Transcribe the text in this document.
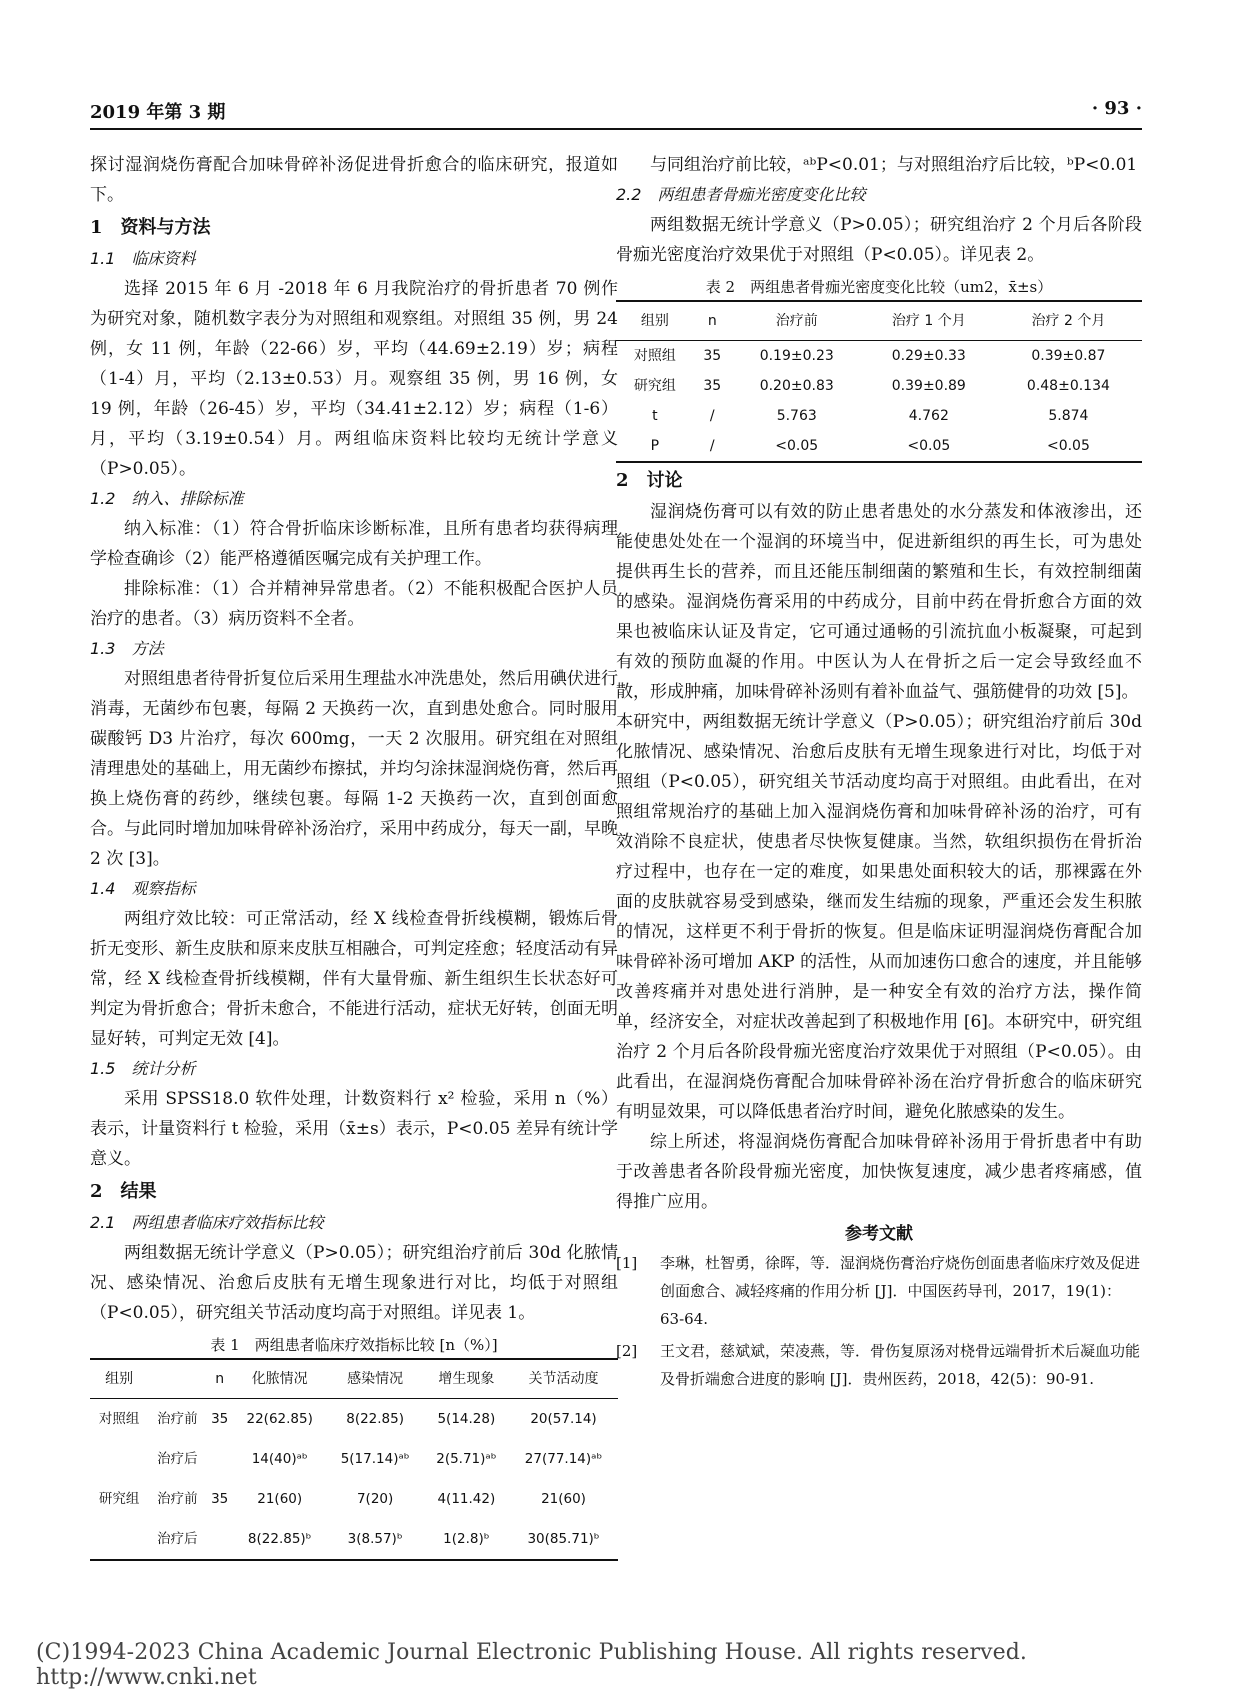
2019 年第 3 期	· 93 ·

探讨湿润烧伤膏配合加味骨碎补汤促进骨折愈合的临床研究，报道如下。

1　资料与方法
1.1　临床资料

选择 2015 年 6 月 -2018 年 6 月我院治疗的骨折患者 70 例作为研究对象，随机数字表分为对照组和观察组。对照组 35 例，男 24 例，女 11 例，年龄（22-66）岁，平均（44.69±2.19）岁；病程（1-4）月，平均（2.13±0.53）月。观察组 35 例，男 16 例，女 19 例，年龄（26-45）岁，平均（34.41±2.12）岁；病程（1-6）月，平均（3.19±0.54）月。两组临床资料比较均无统计学意义（P>0.05）。

1.2　纳入、排除标准

纳入标准：（1）符合骨折临床诊断标准，且所有患者均获得病理学检查确诊（2）能严格遵循医嘱完成有关护理工作。

排除标准：（1）合并精神异常患者。（2）不能积极配合医护人员治疗的患者。（3）病历资料不全者。

1.3　方法

对照组患者待骨折复位后采用生理盐水冲洗患处，然后用碘伏进行消毒，无菌纱布包裹，每隔 2 天换药一次，直到患处愈合。同时服用碳酸钙 D3 片治疗，每次 600mg，一天 2 次服用。研究组在对照组清理患处的基础上，用无菌纱布擦拭，并均匀涂抹湿润烧伤膏，然后再换上烧伤膏的药纱，继续包裹。每隔 1-2 天换药一次，直到创面愈合。与此同时增加加味骨碎补汤治疗，采用中药成分，每天一副，早晚 2 次 [3]。

1.4　观察指标

两组疗效比较：可正常活动，经 X 线检查骨折线模糊，锻炼后骨折无变形、新生皮肤和原来皮肤互相融合，可判定痊愈；轻度活动有异常，经 X 线检查骨折线模糊，伴有大量骨痂、新生组织生长状态好可判定为骨折愈合；骨折未愈合，不能进行活动，症状无好转，创面无明显好转，可判定无效 [4]。

1.5　统计分析

采用 SPSS18.0 软件处理，计数资料行 x² 检验，采用 n（%）表示，计量资料行 t 检验，采用（x̄±s）表示，P<0.05 差异有统计学意义。

2　结果
2.1　两组患者临床疗效指标比较

两组数据无统计学意义（P>0.05）；研究组治疗前后 30d 化脓情况、感染情况、治愈后皮肤有无增生现象进行对比，均低于对照组（P<0.05），研究组关节活动度均高于对照组。详见表 1。

表 1　两组患者临床疗效指标比较 [n（%）]
组别		n	化脓情况	感染情况	增生现象	关节活动度
对照组	治疗前	35	22(62.85)	8(22.85)	5(14.28)	20(57.14)
	治疗后		14(40)ᵃᵇ	5(17.14)ᵃᵇ	2(5.71)ᵃᵇ	27(77.14)ᵃᵇ
研究组	治疗前	35	21(60)	7(20)	4(11.42)	21(60)
	治疗后		8(22.85)ᵇ	3(8.57)ᵇ	1(2.8)ᵇ	30(85.71)ᵇ

与同组治疗前比较，ᵃᵇP<0.01；与对照组治疗后比较，ᵇP<0.01

2.2　两组患者骨痂光密度变化比较

两组数据无统计学意义（P>0.05）；研究组治疗 2 个月后各阶段骨痂光密度治疗效果优于对照组（P<0.05）。详见表 2。

表 2　两组患者骨痂光密度变化比较（um2，x̄±s）
组别	n	治疗前	治疗 1 个月	治疗 2 个月
对照组	35	0.19±0.23	0.29±0.33	0.39±0.87
研究组	35	0.20±0.83	0.39±0.89	0.48±0.134
t	/	5.763	4.762	5.874
P	/	<0.05	<0.05	<0.05
2　讨论

湿润烧伤膏可以有效的防止患者患处的水分蒸发和体液渗出，还能使患处处在一个湿润的环境当中，促进新组织的再生长，可为患处提供再生长的营养，而且还能压制细菌的繁殖和生长，有效控制细菌的感染。湿润烧伤膏采用的中药成分，目前中药在骨折愈合方面的效果也被临床认证及肯定，它可通过通畅的引流抗血小板凝聚，可起到有效的预防血凝的作用。中医认为人在骨折之后一定会导致经血不散，形成肿痛，加味骨碎补汤则有着补血益气、强筋健骨的功效 [5]。

本研究中，两组数据无统计学意义（P>0.05）；研究组治疗前后 30d 化脓情况、感染情况、治愈后皮肤有无增生现象进行对比，均低于对照组（P<0.05），研究组关节活动度均高于对照组。由此看出，在对照组常规治疗的基础上加入湿润烧伤膏和加味骨碎补汤的治疗，可有效消除不良症状，使患者尽快恢复健康。当然，软组织损伤在骨折治疗过程中，也存在一定的难度，如果患处面积较大的话，那裸露在外面的皮肤就容易受到感染，继而发生结痂的现象，严重还会发生积脓的情况，这样更不利于骨折的恢复。但是临床证明湿润烧伤膏配合加味骨碎补汤可增加 AKP 的活性，从而加速伤口愈合的速度，并且能够改善疼痛并对患处进行消肿，是一种安全有效的治疗方法，操作简单，经济安全，对症状改善起到了积极地作用 [6]。本研究中，研究组治疗 2 个月后各阶段骨痂光密度治疗效果优于对照组（P<0.05）。由此看出，在湿润烧伤膏配合加味骨碎补汤在治疗骨折愈合的临床研究有明显效果，可以降低患者治疗时间，避免化脓感染的发生。

综上所述，将湿润烧伤膏配合加味骨碎补汤用于骨折患者中有助于改善患者各阶段骨痂光密度，加快恢复速度，减少患者疼痛感，值得推广应用。

参考文献
[1]	李琳，杜智勇，徐晖，等．湿润烧伤膏治疗烧伤创面患者临床疗效及促进创面愈合、减轻疼痛的作用分析 [J]．中国医药导刊，2017，19(1)：63-64.
[2]	王文君，慈斌斌，荣凌燕，等．骨伤复原汤对桡骨远端骨折术后凝血功能及骨折端愈合进度的影响 [J]．贵州医药，2018，42(5)：90-91.
(C)1994-2023 China Academic Journal Electronic Publishing House. All rights reserved. http://www.cnki.net
